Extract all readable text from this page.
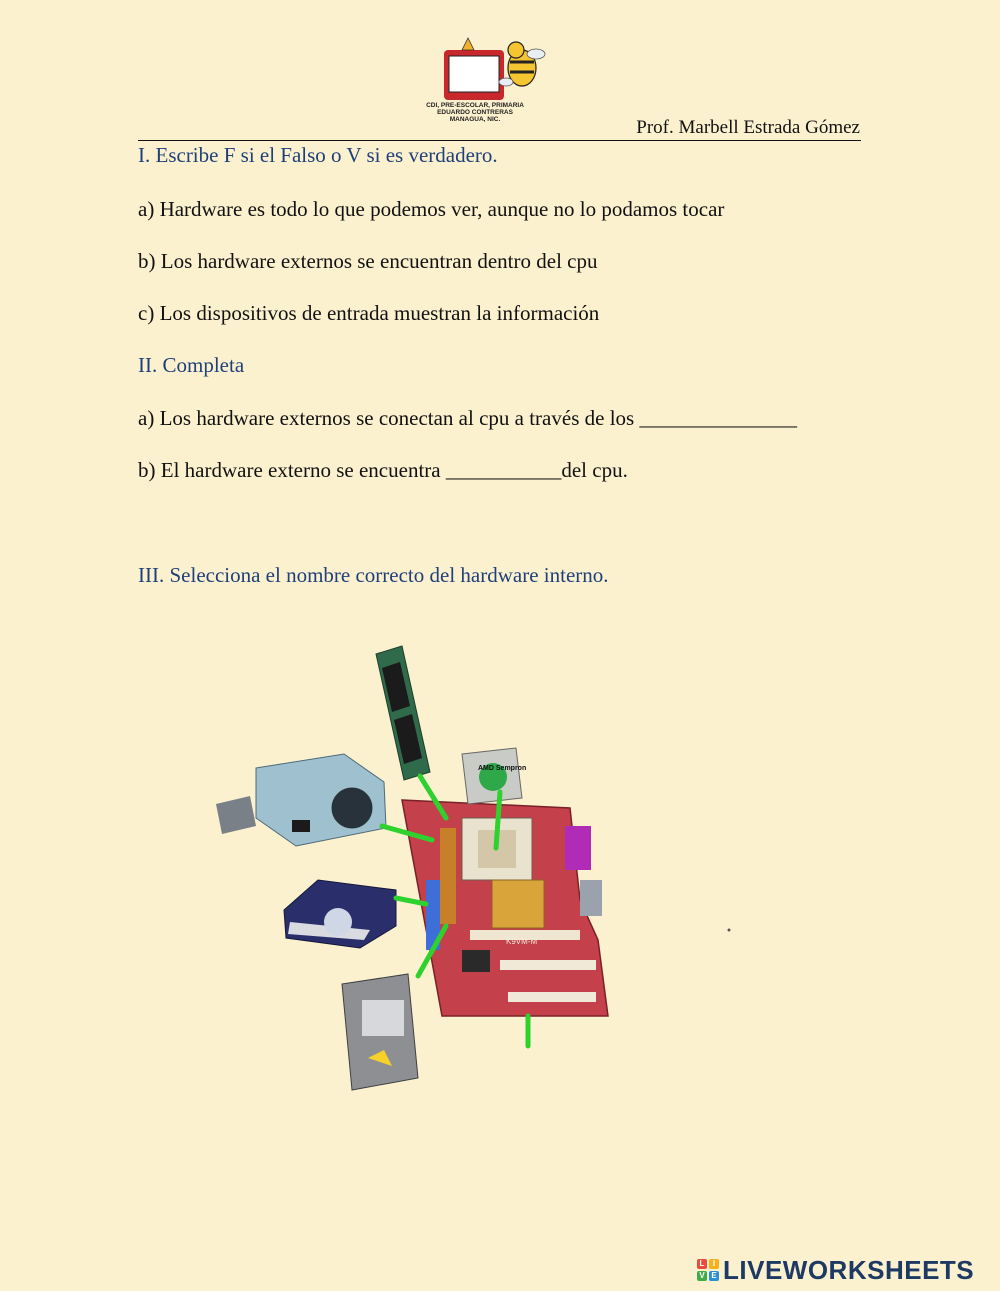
CDI, PRE-ESCOLAR, PRIMARIA EDUARDO CONTRERAS MANAGUA, NIC.	Prof. Marbell Estrada Gómez
I. Escribe F si el Falso o V si es verdadero.
a) Hardware es todo lo que podemos ver, aunque no lo podamos tocar
b) Los hardware externos se encuentran dentro del cpu
c) Los dispositivos de entrada muestran la información
II. Completa
a) Los hardware externos se conectan al cpu a través de los _______________
b) El hardware externo se encuentra ___________del cpu.
III. Selecciona el nombre correcto del hardware interno.
AMD Sempron
K9VM-M
L	I
V E LIVEWORKSHEETS
